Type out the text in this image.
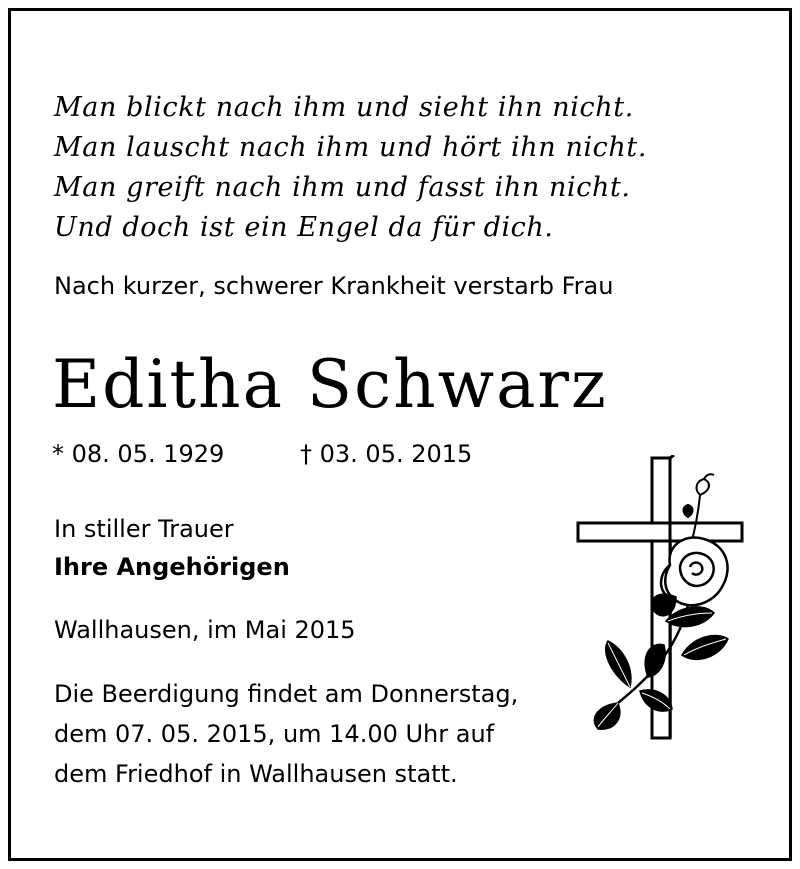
Man blickt nach ihm und sieht ihn nicht.
Man lauscht nach ihm und hört ihn nicht.
Man greift nach ihm und fasst ihn nicht.
Und doch ist ein Engel da für dich.
Nach kurzer, schwerer Krankheit verstarb Frau
Editha Schwarz
* 08. 05. 1929	† 03. 05. 2015
In stiller Trauer
Ihre Angehörigen
Wallhausen, im Mai 2015
Die Beerdigung findet am Donnerstag,
dem 07. 05. 2015, um 14.00 Uhr auf
dem Friedhof in Wallhausen statt.
